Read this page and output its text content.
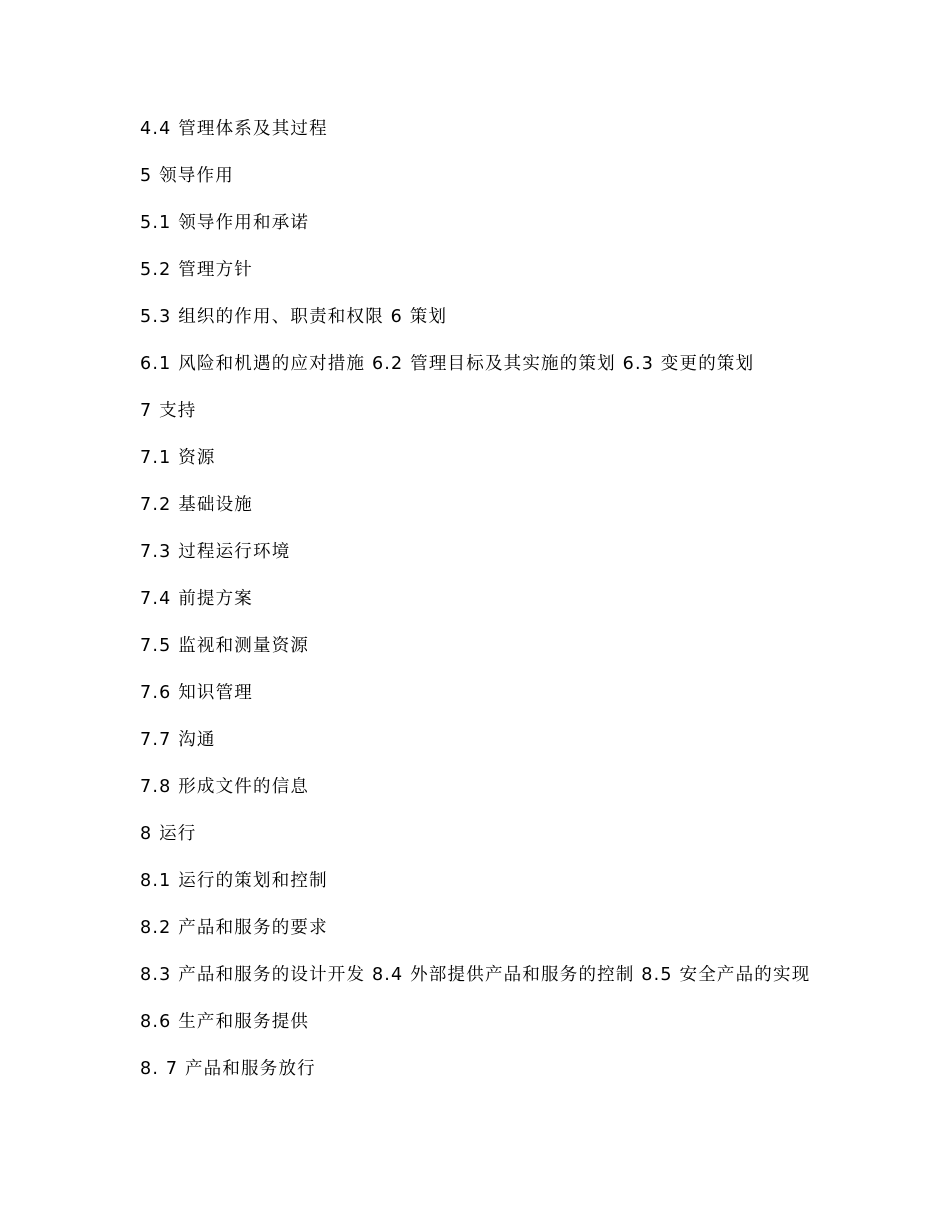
4.4 管理体系及其过程
5 领导作用
5.1 领导作用和承诺
5.2 管理方针
5.3 组织的作用、职责和权限 6 策划
6.1 风险和机遇的应对措施 6.2 管理目标及其实施的策划 6.3 变更的策划
7 支持
7.1 资源
7.2 基础设施
7.3 过程运行环境
7.4 前提方案
7.5 监视和测量资源
7.6 知识管理
7.7 沟通
7.8 形成文件的信息
8 运行
8.1 运行的策划和控制
8.2 产品和服务的要求
8.3 产品和服务的设计开发 8.4 外部提供产品和服务的控制 8.5 安全产品的实现
8.6 生产和服务提供
8. 7 产品和服务放行
